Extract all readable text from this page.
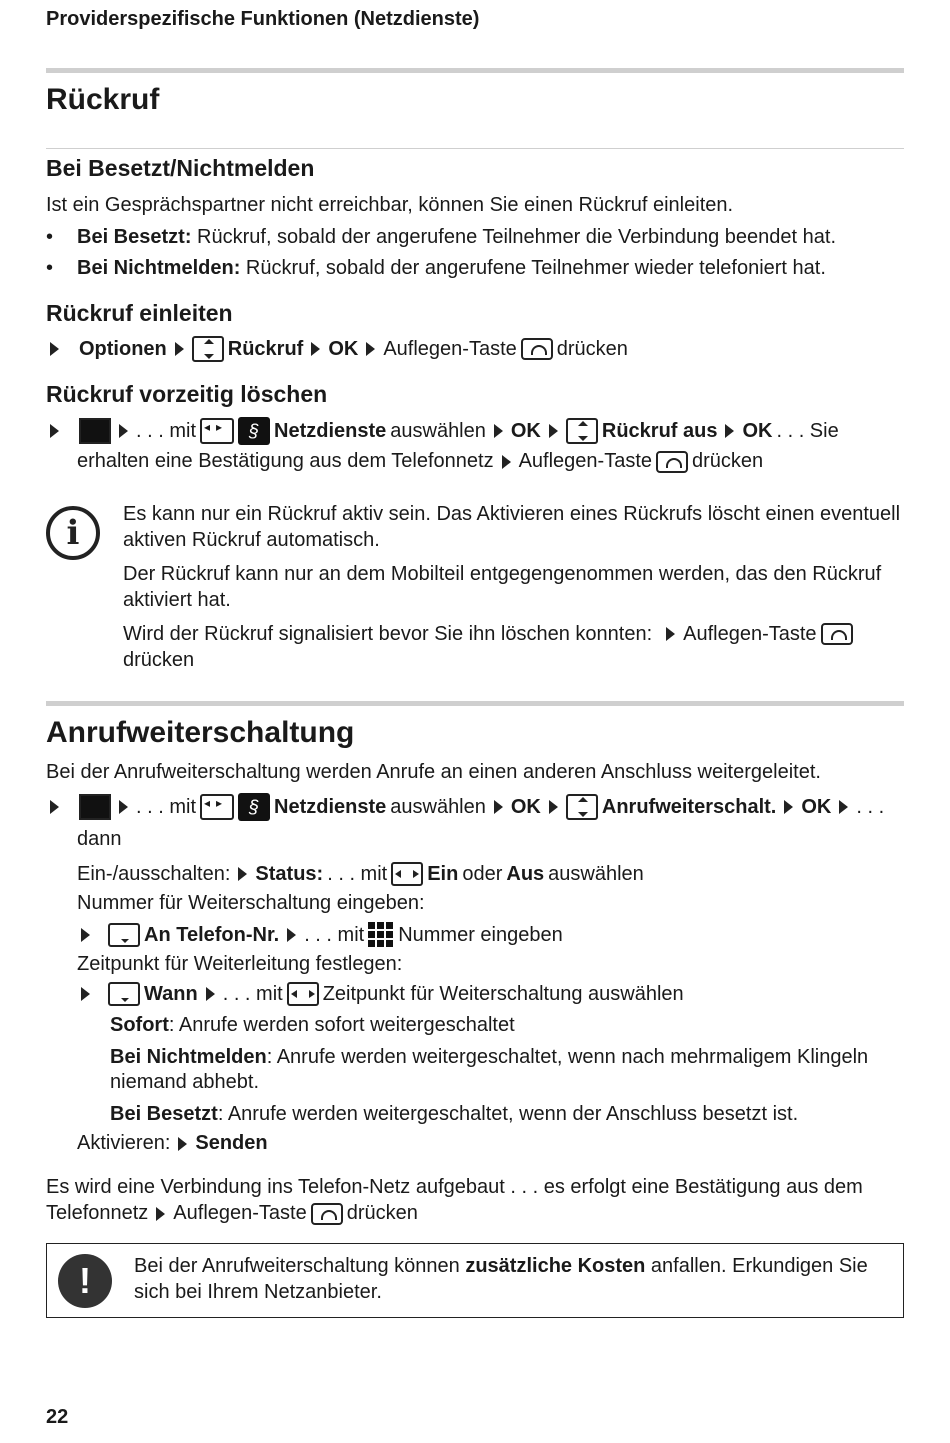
Providerspezifische Funktionen (Netzdienste)
Rückruf
Bei Besetzt/Nichtmelden
Ist ein Gesprächspartner nicht erreichbar, können Sie einen Rückruf einleiten.
• Bei Besetzt: Rückruf, sobald der angerufene Teilnehmer die Verbindung beendet hat.
• Bei Nichtmelden: Rückruf, sobald der angerufene Teilnehmer wieder telefoniert hat.
Rückruf einleiten
Optionen	Rückruf OK Auflegen-Taste drücken
Rückruf vorzeitig löschen
. . . mit ◂▸	§ Netzdienste auswählen OK	Rückruf aus OK . . . Sie
erhalten eine Bestätigung aus dem Telefonnetz Auflegen-Taste drücken
i	Es kann nur ein Rückruf aktiv sein. Das Aktivieren eines Rückrufs löscht einen eventuell aktiven Rückruf automatisch.
Der Rückruf kann nur an dem Mobilteil entgegengenommen werden, das den Rückruf aktiviert hat.
Wird der Rückruf signalisiert bevor Sie ihn löschen konnten: Auflegen-Taste
drücken
Anrufweiterschaltung
Bei der Anrufweiterschaltung werden Anrufe an einen anderen Anschluss weitergeleitet.
. . . mit ◂▸	§ Netzdienste auswählen OK	Anrufweiterschalt. OK . . .
dann
Ein-/ausschalten: Status: . . . mit Ein oder Aus auswählen
Nummer für Weiterschaltung eingeben:
An Telefon-Nr. . . . mit Nummer eingeben
Zeitpunkt für Weiterleitung festlegen:
Wann . . . mit Zeitpunkt für Weiterschaltung auswählen
Sofort: Anrufe werden sofort weitergeschaltet
Bei Nichtmelden: Anrufe werden weitergeschaltet, wenn nach mehrmaligem Klingeln
niemand abhebt.
Bei Besetzt: Anrufe werden weitergeschaltet, wenn der Anschluss besetzt ist.
Aktivieren: Senden
Es wird eine Verbindung ins Telefon-Netz aufgebaut . . . es erfolgt eine Bestätigung aus dem
Telefonnetz Auflegen-Taste drücken
!	Bei der Anrufweiterschaltung können zusätzliche Kosten anfallen. Erkundigen Sie
sich bei Ihrem Netzanbieter.
22
